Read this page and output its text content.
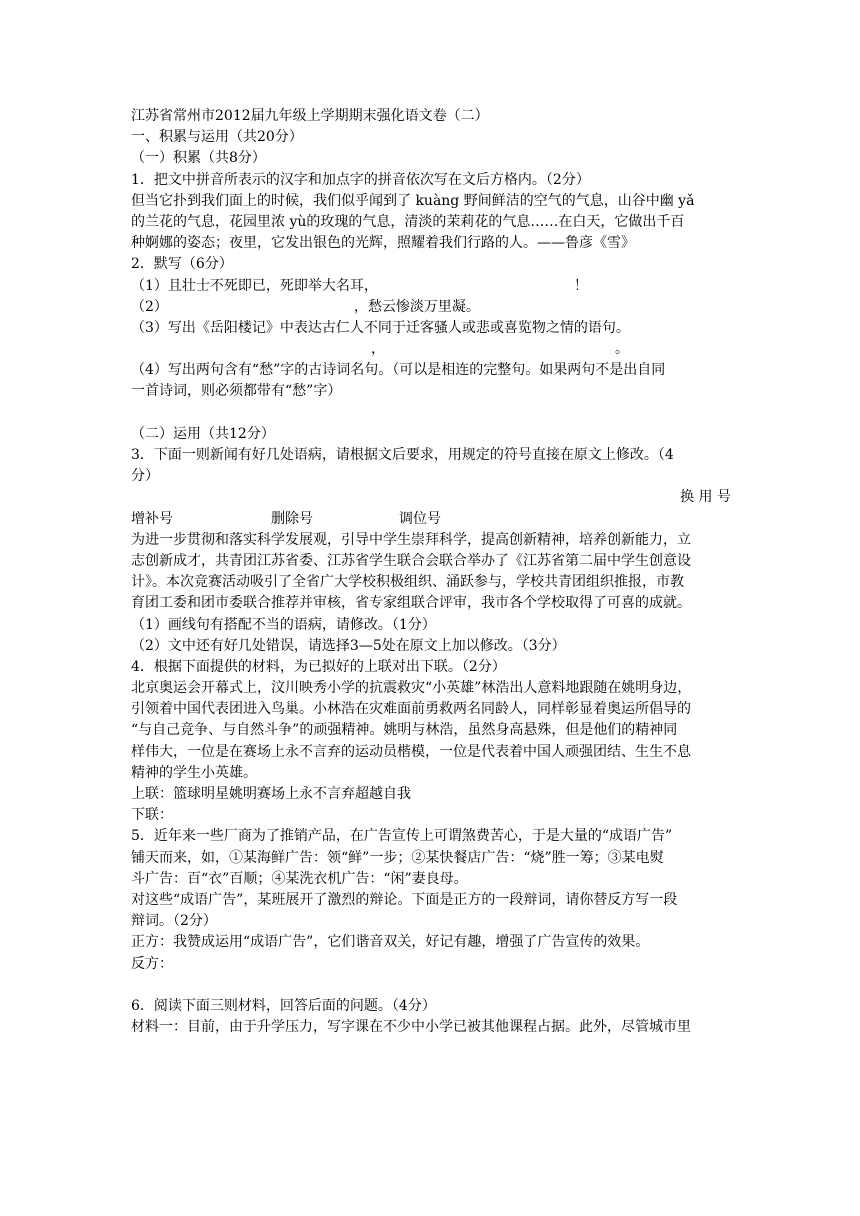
江苏省常州市2012届九年级上学期期末强化语文卷（二）
一、积累与运用（共20分）
（一）积累（共8分）
1．把文中拼音所表示的汉字和加点字的拼音依次写在文后方格内。（2分）
但当它扑到我们面上的时候，我们似乎闻到了 kuàng 野间鲜洁的空气的气息，山谷中幽 yǎ
的兰花的气息，花园里浓 yù的玫瑰的气息，清淡的茉莉花的气息……在白天，它做出千百
种婀娜的姿态；夜里，它发出银色的光辉，照耀着我们行路的人。——鲁彦《雪》
2．默写（6分）
（1）且壮士不死即已，死即举大名耳，	！
（2）	，愁云惨淡万里凝。
（3）写出《岳阳楼记》中表达古仁人不同于迁客骚人或悲或喜览物之情的语句。
，	。
（4）写出两句含有“愁”字的古诗词名句。（可以是相连的完整句。如果两句不是出自同
一首诗词，则必须都带有“愁”字）
（二）运用（共12分）
3．下面一则新闻有好几处语病，请根据文后要求，用规定的符号直接在原文上修改。（4
分）
换 用 号
增补号	删除号	调位号
为进一步贯彻和落实科学发展观，引导中学生崇拜科学，提高创新精神，培养创新能力，立
志创新成才，共青团江苏省委、江苏省学生联合会联合举办了《江苏省第二届中学生创意设
计》。本次竞赛活动吸引了全省广大学校积极组织、涌跃参与，学校共青团组织推报，市教
育团工委和团市委联合推荐并审核，省专家组联合评审，我市各个学校取得了可喜的成就。
（1）画线句有搭配不当的语病，请修改。（1分）
（2）文中还有好几处错误，请选择3—5处在原文上加以修改。（3分）
4．根据下面提供的材料，为已拟好的上联对出下联。（2分）
北京奥运会开幕式上，汶川映秀小学的抗震救灾“小英雄”林浩出人意料地跟随在姚明身边，
引领着中国代表团进入鸟巢。小林浩在灾难面前勇救两名同龄人，同样彰显着奥运所倡导的
“与自己竞争、与自然斗争”的顽强精神。姚明与林浩，虽然身高悬殊，但是他们的精神同
样伟大，一位是在赛场上永不言弃的运动员楷模，一位是代表着中国人顽强团结、生生不息
精神的学生小英雄。
上联：篮球明星姚明赛场上永不言弃超越自我
下联：
5．近年来一些厂商为了推销产品，在广告宣传上可谓煞费苦心，于是大量的“成语广告”
铺天而来，如，①某海鲜广告：领“鲜”一步；②某快餐店广告：“烧”胜一筹；③某电熨
斗广告：百“衣”百顺；④某洗衣机广告：“闲”妻良母。
对这些“成语广告”，某班展开了激烈的辩论。下面是正方的一段辩词，请你替反方写一段
辩词。（2分）
正方：我赞成运用“成语广告”，它们谐音双关，好记有趣，增强了广告宣传的效果。
反方：
6．阅读下面三则材料，回答后面的问题。（4分）
材料一：目前，由于升学压力，写字课在不少中小学已被其他课程占据。此外，尽管城市里
